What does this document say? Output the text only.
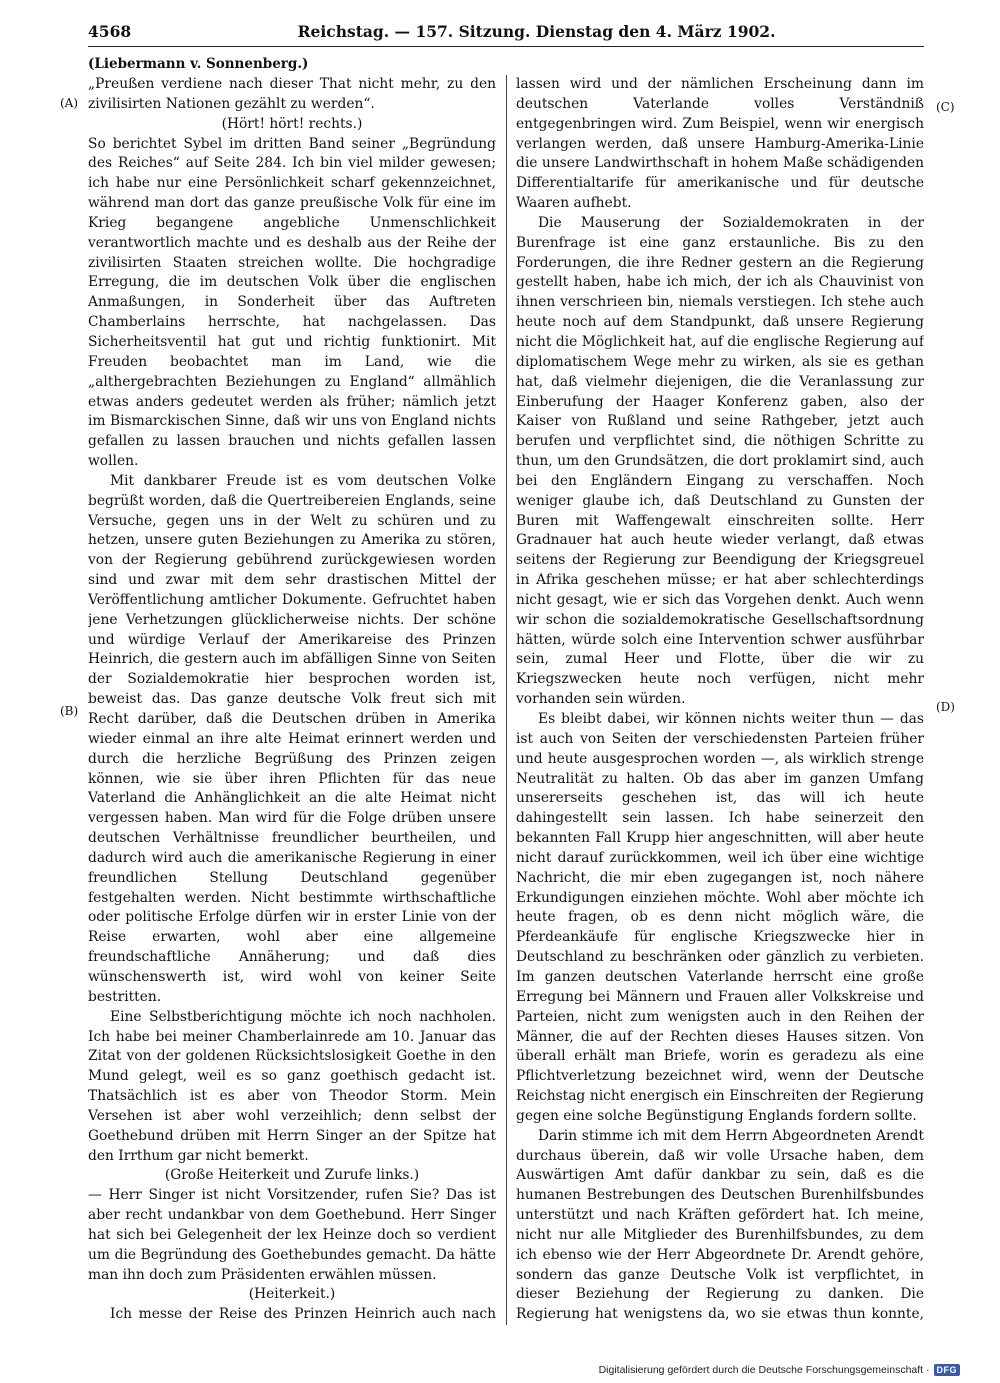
4568	Reichstag. — 157. Sitzung. Dienstag den 4. März 1902.
(Liebermann v. Sonnenberg.)
(A)
(B)
(C)
(D)

„Preußen verdiene nach dieser That nicht mehr, zu den zivilisirten Nationen gezählt zu werden“.

(Hört! hört! rechts.)

So berichtet Sybel im dritten Band seiner „Begründung des Reiches“ auf Seite 284. Ich bin viel milder gewesen; ich habe nur eine Persönlichkeit scharf gekennzeichnet, während man dort das ganze preußische Volk für eine im Krieg begangene angebliche Unmenschlichkeit verantwortlich machte und es deshalb aus der Reihe der zivilisirten Staaten streichen wollte. Die hochgradige Erregung, die im deutschen Volk über die englischen Anmaßungen, in Sonderheit über das Auftreten Chamberlains herrschte, hat nachgelassen. Das Sicherheitsventil hat gut und richtig funktionirt. Mit Freuden beobachtet man im Land, wie die „althergebrachten Beziehungen zu England“ allmählich etwas anders gedeutet werden als früher; nämlich jetzt im Bismarckischen Sinne, daß wir uns von England nichts gefallen zu lassen brauchen und nichts gefallen lassen wollen.

Mit dankbarer Freude ist es vom deutschen Volke begrüßt worden, daß die Quertreibereien Englands, seine Versuche, gegen uns in der Welt zu schüren und zu hetzen, unsere guten Beziehungen zu Amerika zu stören, von der Regierung gebührend zurückgewiesen worden sind und zwar mit dem sehr drastischen Mittel der Veröffentlichung amtlicher Dokumente. Gefruchtet haben jene Verhetzungen glücklicherweise nichts. Der schöne und würdige Verlauf der Amerikareise des Prinzen Heinrich, die gestern auch im abfälligen Sinne von Seiten der Sozialdemokratie hier besprochen worden ist, beweist das. Das ganze deutsche Volk freut sich mit Recht darüber, daß die Deutschen drüben in Amerika wieder einmal an ihre alte Heimat erinnert werden und durch die herzliche Begrüßung des Prinzen zeigen können, wie sie über ihren Pflichten für das neue Vaterland die Anhänglichkeit an die alte Heimat nicht vergessen haben. Man wird für die Folge drüben unsere deutschen Verhältnisse freundlicher beurtheilen, und dadurch wird auch die amerikanische Regierung in einer freundlichen Stellung Deutschland gegenüber festgehalten werden. Nicht bestimmte wirthschaftliche oder politische Erfolge dürfen wir in erster Linie von der Reise erwarten, wohl aber eine allgemeine freundschaftliche Annäherung; und daß dies wünschenswerth ist, wird wohl von keiner Seite bestritten.

Eine Selbstberichtigung möchte ich noch nachholen. Ich habe bei meiner Chamberlainrede am 10. Januar das Zitat von der goldenen Rücksichtslosigkeit Goethe in den Mund gelegt, weil es so ganz goethisch gedacht ist. Thatsächlich ist es aber von Theodor Storm. Mein Versehen ist aber wohl verzeihlich; denn selbst der Goethebund drüben mit Herrn Singer an der Spitze hat den Irrthum gar nicht bemerkt.

(Große Heiterkeit und Zurufe links.)

— Herr Singer ist nicht Vorsitzender, rufen Sie? Das ist aber recht undankbar von dem Goethebund. Herr Singer hat sich bei Gelegenheit der lex Heinze doch so verdient um die Begründung des Goethebundes gemacht. Da hätte man ihn doch zum Präsidenten erwählen müssen.

(Heiterkeit.)

Ich messe der Reise des Prinzen Heinrich auch nach

lassen wird und der nämlichen Erscheinung dann im deutschen Vaterlande volles Verständniß entgegenbringen wird. Zum Beispiel, wenn wir energisch verlangen werden, daß unsere Hamburg-Amerika-Linie die unsere Landwirthschaft in hohem Maße schädigenden Differentialtarife für amerikanische und für deutsche Waaren aufhebt.

Die Mauserung der Sozialdemokraten in der Burenfrage ist eine ganz erstaunliche. Bis zu den Forderungen, die ihre Redner gestern an die Regierung gestellt haben, habe ich mich, der ich als Chauvinist von ihnen verschrieen bin, niemals verstiegen. Ich stehe auch heute noch auf dem Standpunkt, daß unsere Regierung nicht die Möglichkeit hat, auf die englische Regierung auf diplomatischem Wege mehr zu wirken, als sie es gethan hat, daß vielmehr diejenigen, die die Veranlassung zur Einberufung der Haager Konferenz gaben, also der Kaiser von Rußland und seine Rathgeber, jetzt auch berufen und verpflichtet sind, die nöthigen Schritte zu thun, um den Grundsätzen, die dort proklamirt sind, auch bei den Engländern Eingang zu verschaffen. Noch weniger glaube ich, daß Deutschland zu Gunsten der Buren mit Waffengewalt einschreiten sollte. Herr Gradnauer hat auch heute wieder verlangt, daß etwas seitens der Regierung zur Beendigung der Kriegsgreuel in Afrika geschehen müsse; er hat aber schlechterdings nicht gesagt, wie er sich das Vorgehen denkt. Auch wenn wir schon die sozialdemokratische Gesellschaftsordnung hätten, würde solch eine Intervention schwer ausführbar sein, zumal Heer und Flotte, über die wir zu Kriegszwecken heute noch verfügen, nicht mehr vorhanden sein würden.

Es bleibt dabei, wir können nichts weiter thun — das ist auch von Seiten der verschiedensten Parteien früher und heute ausgesprochen worden —, als wirklich strenge Neutralität zu halten. Ob das aber im ganzen Umfang unsererseits geschehen ist, das will ich heute dahingestellt sein lassen. Ich habe seinerzeit den bekannten Fall Krupp hier angeschnitten, will aber heute nicht darauf zurückkommen, weil ich über eine wichtige Nachricht, die mir eben zugegangen ist, noch nähere Erkundigungen einziehen möchte. Wohl aber möchte ich heute fragen, ob es denn nicht möglich wäre, die Pferdeankäufe für englische Kriegszwecke hier in Deutschland zu beschränken oder gänzlich zu verbieten. Im ganzen deutschen Vaterlande herrscht eine große Erregung bei Männern und Frauen aller Volkskreise und Parteien, nicht zum wenigsten auch in den Reihen der Männer, die auf der Rechten dieses Hauses sitzen. Von überall erhält man Briefe, worin es geradezu als eine Pflichtverletzung bezeichnet wird, wenn der Deutsche Reichstag nicht energisch ein Einschreiten der Regierung gegen eine solche Begünstigung Englands fordern sollte.

Darin stimme ich mit dem Herrn Abgeordneten Arendt durchaus überein, daß wir volle Ursache haben, dem Auswärtigen Amt dafür dankbar zu sein, daß es die humanen Bestrebungen des Deutschen Burenhilfsbundes unterstützt und nach Kräften gefördert hat. Ich meine, nicht nur alle Mitglieder des Burenhilfsbundes, zu dem ich ebenso wie der Herr Abgeordnete Dr. Arendt gehöre, sondern das ganze Deutsche Volk ist verpflichtet, in dieser Beziehung der Regierung zu danken. Die Regierung hat wenigstens da, wo sie etwas thun konnte,

Digitalisierung gefördert durch die Deutsche Forschungsgemeinschaft · DFG
